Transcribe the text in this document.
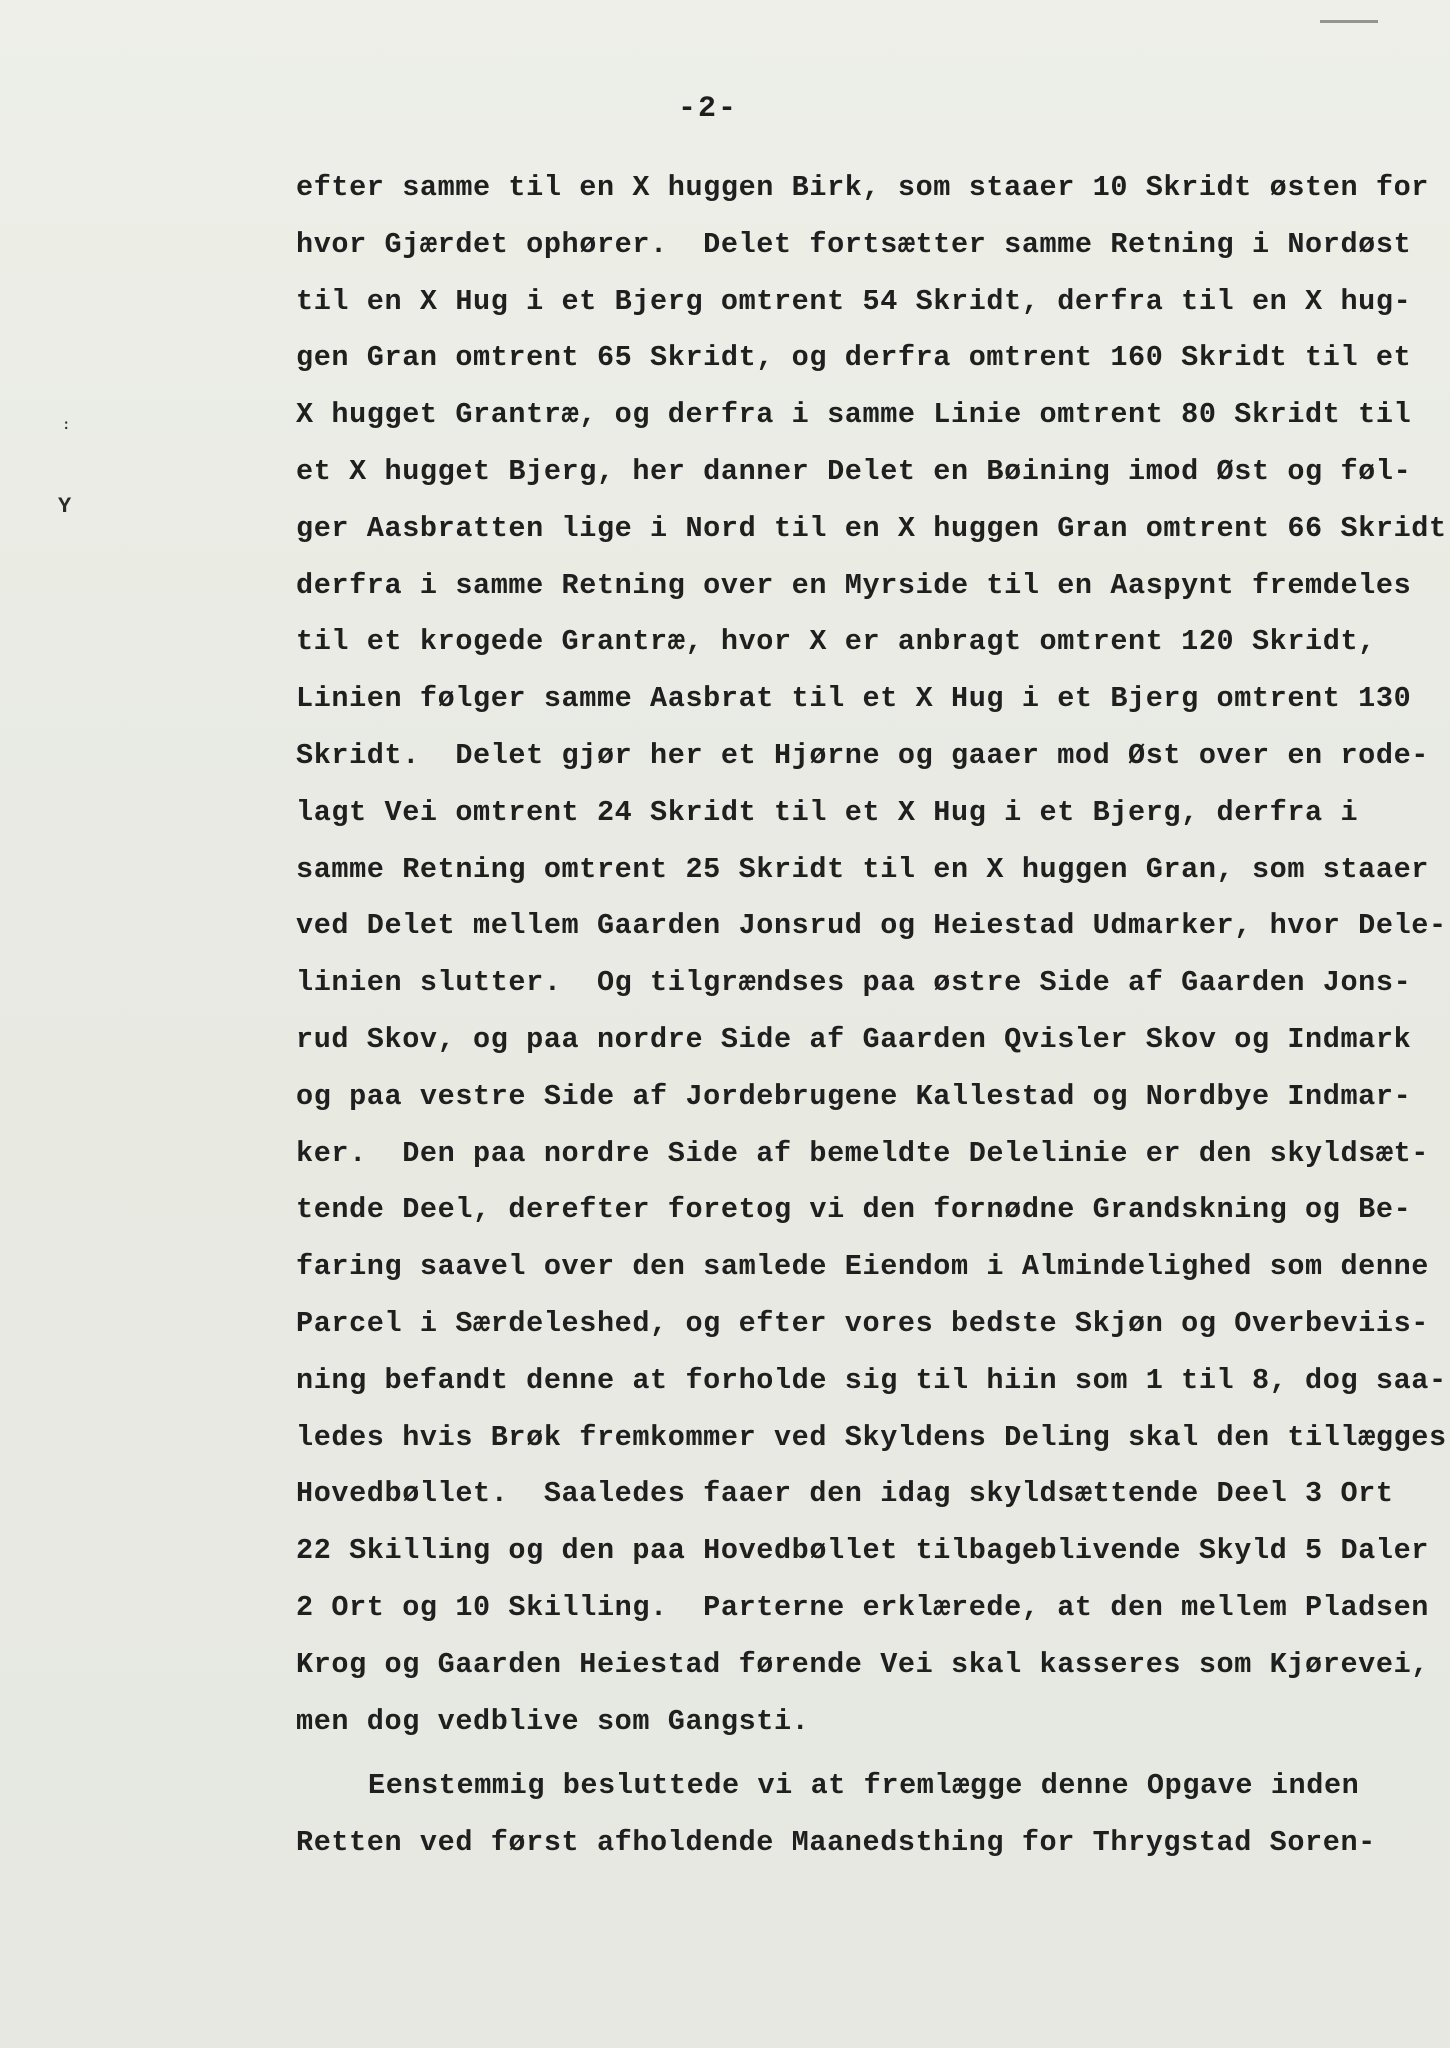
:
Y
-2-
efter samme til en X huggen Birk, som staaer 10 Skridt østen for
hvor Gjærdet ophører.  Delet fortsætter samme Retning i Nordøst
til en X Hug i et Bjerg omtrent 54 Skridt, derfra til en X hug-
gen Gran omtrent 65 Skridt, og derfra omtrent 160 Skridt til et
X hugget Grantræ, og derfra i samme Linie omtrent 80 Skridt til
et X hugget Bjerg, her danner Delet en Bøining imod Øst og føl-
ger Aasbratten lige i Nord til en X huggen Gran omtrent 66 Skridt
derfra i samme Retning over en Myrside til en Aaspynt fremdeles
til et krogede Grantræ, hvor X er anbragt omtrent 120 Skridt,
Linien følger samme Aasbrat til et X Hug i et Bjerg omtrent 130
Skridt.  Delet gjør her et Hjørne og gaaer mod Øst over en rode-
lagt Vei omtrent 24 Skridt til et X Hug i et Bjerg, derfra i
samme Retning omtrent 25 Skridt til en X huggen Gran, som staaer
ved Delet mellem Gaarden Jonsrud og Heiestad Udmarker, hvor Dele-
linien slutter.  Og tilgrændses paa østre Side af Gaarden Jons-
rud Skov, og paa nordre Side af Gaarden Qvisler Skov og Indmark
og paa vestre Side af Jordebrugene Kallestad og Nordbye Indmar-
ker.  Den paa nordre Side af bemeldte Delelinie er den skyldsæt-
tende Deel, derefter foretog vi den fornødne Grandskning og Be-
faring saavel over den samlede Eiendom i Almindelighed som denne
Parcel i Særdeleshed, og efter vores bedste Skjøn og Overbeviis-
ning befandt denne at forholde sig til hiin som 1 til 8, dog saa-
ledes hvis Brøk fremkommer ved Skyldens Deling skal den tillægges
Hovedbøllet.  Saaledes faaer den idag skyldsættende Deel 3 Ort
22 Skilling og den paa Hovedbøllet tilbageblivende Skyld 5 Daler
2 Ort og 10 Skilling.  Parterne erklærede, at den mellem Pladsen
Krog og Gaarden Heiestad førende Vei skal kasseres som Kjørevei,
men dog vedblive som Gangsti.
Eenstemmig besluttede vi at fremlægge denne Opgave inden
Retten ved først afholdende Maanedsthing for Thrygstad Soren-
